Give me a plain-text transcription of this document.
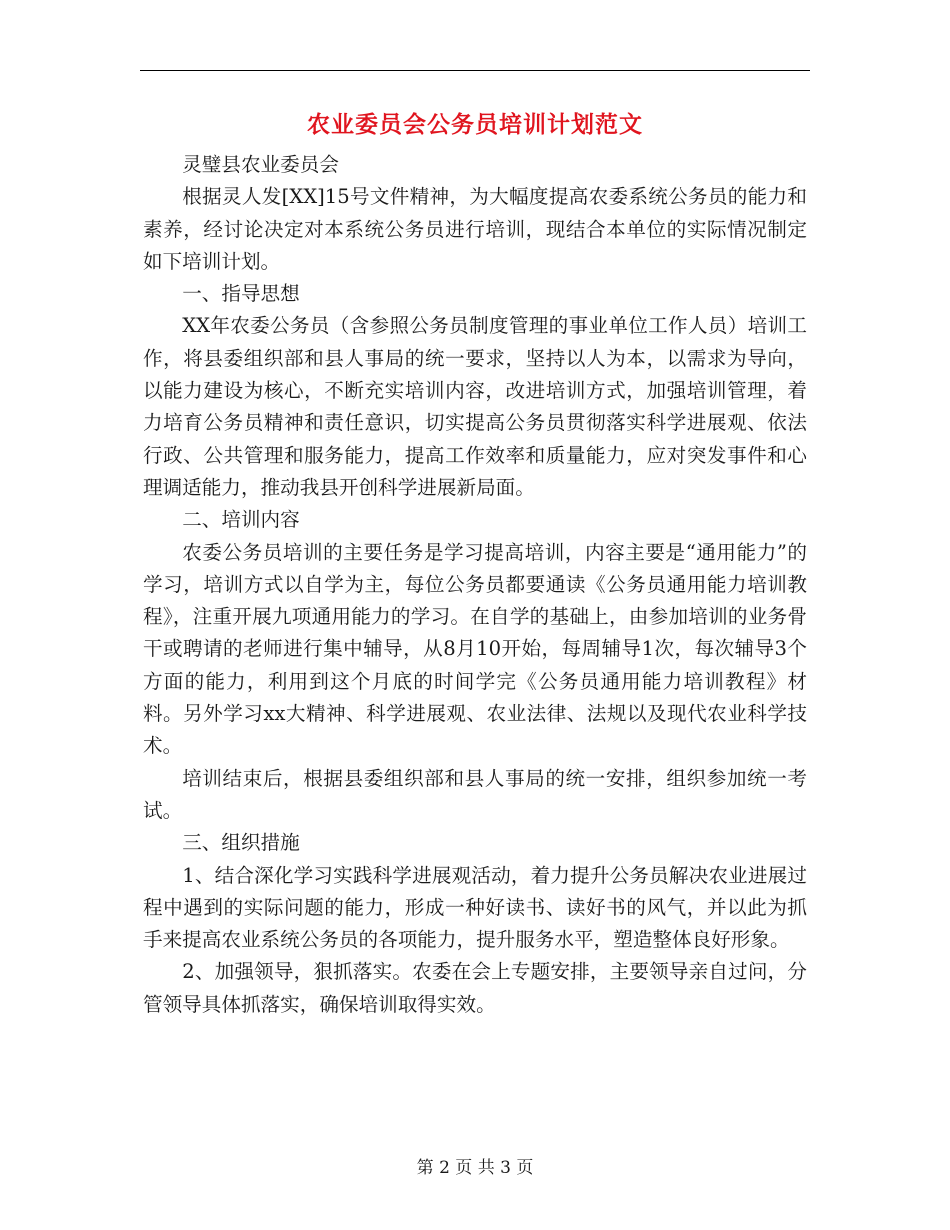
农业委员会公务员培训计划范文

灵璧县农业委员会

根据灵人发[XX]15号文件精神，为大幅度提高农委系统公务员的能力和素养，经讨论决定对本系统公务员进行培训，现结合本单位的实际情况制定如下培训计划。

一、指导思想

XX年农委公务员（含参照公务员制度管理的事业单位工作人员）培训工作，将县委组织部和县人事局的统一要求，坚持以人为本，以需求为导向，以能力建设为核心，不断充实培训内容，改进培训方式，加强培训管理，着力培育公务员精神和责任意识，切实提高公务员贯彻落实科学进展观、依法行政、公共管理和服务能力，提高工作效率和质量能力，应对突发事件和心理调适能力，推动我县开创科学进展新局面。

二、培训内容

农委公务员培训的主要任务是学习提高培训，内容主要是“通用能力”的学习，培训方式以自学为主，每位公务员都要通读《公务员通用能力培训教程》，注重开展九项通用能力的学习。在自学的基础上，由参加培训的业务骨干或聘请的老师进行集中辅导，从8月10开始，每周辅导1次，每次辅导3个方面的能力，利用到这个月底的时间学完《公务员通用能力培训教程》材料。另外学习xx大精神、科学进展观、农业法律、法规以及现代农业科学技术。

培训结束后，根据县委组织部和县人事局的统一安排，组织参加统一考试。

三、组织措施

1、结合深化学习实践科学进展观活动，着力提升公务员解决农业进展过程中遇到的实际问题的能力，形成一种好读书、读好书的风气，并以此为抓手来提高农业系统公务员的各项能力，提升服务水平，塑造整体良好形象。

2、加强领导，狠抓落实。农委在会上专题安排，主要领导亲自过问，分管领导具体抓落实，确保培训取得实效。

第 2 页 共 3 页
